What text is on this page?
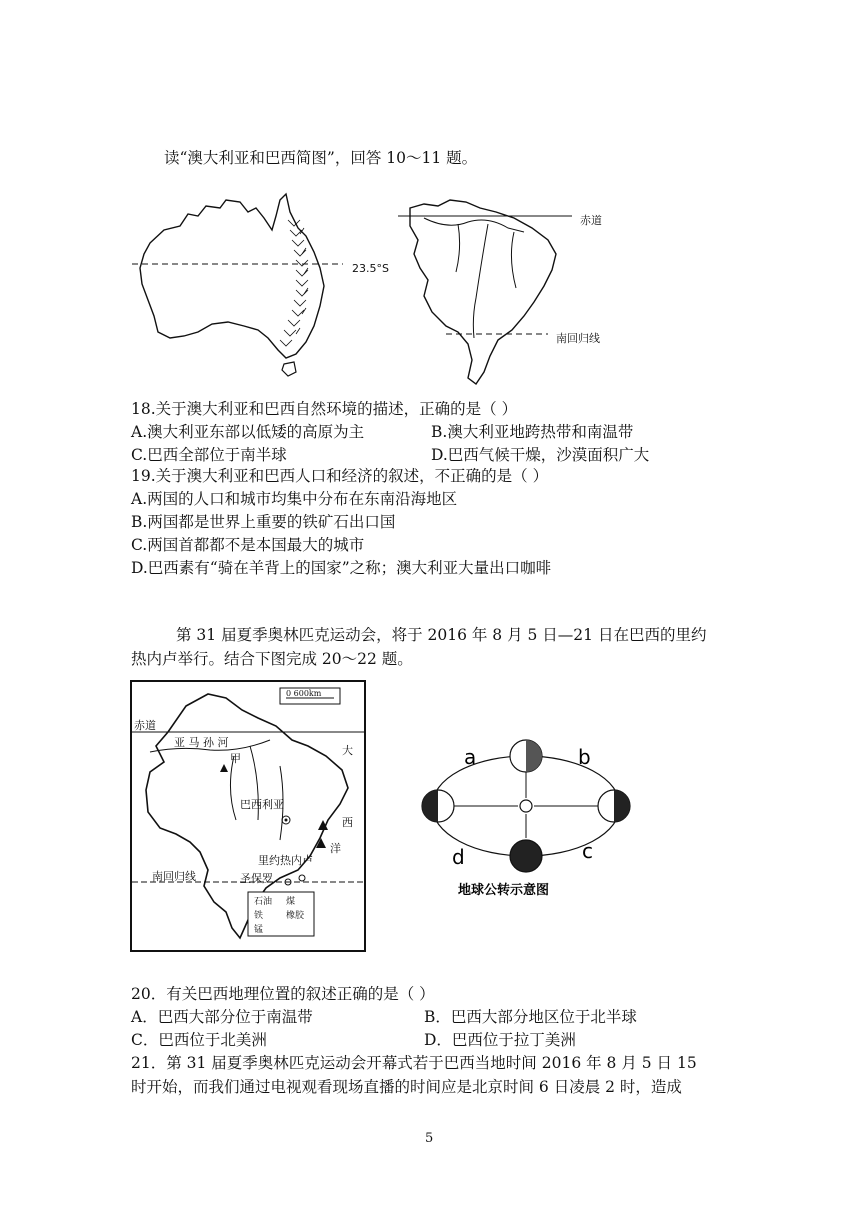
读“澳大利亚和巴西简图”，回答 10～11 题。
23.5°S
赤道
南回归线
18.关于澳大利亚和巴西自然环境的描述，正确的是（ ）
A.澳大利亚东部以低矮的高原为主	B.澳大利亚地跨热带和南温带
C.巴西全部位于南半球	D.巴西气候干燥，沙漠面积广大
19.关于澳大利亚和巴西人口和经济的叙述，不正确的是（ ）
A.两国的人口和城市均集中分布在东南沿海地区
B.两国都是世界上重要的铁矿石出口国
C.两国首都都不是本国最大的城市
D.巴西素有“骑在羊背上的国家”之称；澳大利亚大量出口咖啡
第 31 届夏季奥林匹克运动会，将于 2016 年 8 月 5 日—21 日在巴西的里约
热内卢举行。结合下图完成 20～22 题。
0 600km
赤道
亚 马 孙 河
甲
巴西利亚
里约热内卢
圣保罗
南回归线
大
西
洋
石油 煤
铁	橡胶
锰
a	b
c
d
地球公转示意图
20．有关巴西地理位置的叙述正确的是（ ）
A．巴西大部分位于南温带	B．巴西大部分地区位于北半球
C．巴西位于北美洲	D．巴西位于拉丁美洲
21．第 31 届夏季奥林匹克运动会开幕式若于巴西当地时间 2016 年 8 月 5 日 15
时开始，而我们通过电视观看现场直播的时间应是北京时间 6 日凌晨 2 时，造成
5
